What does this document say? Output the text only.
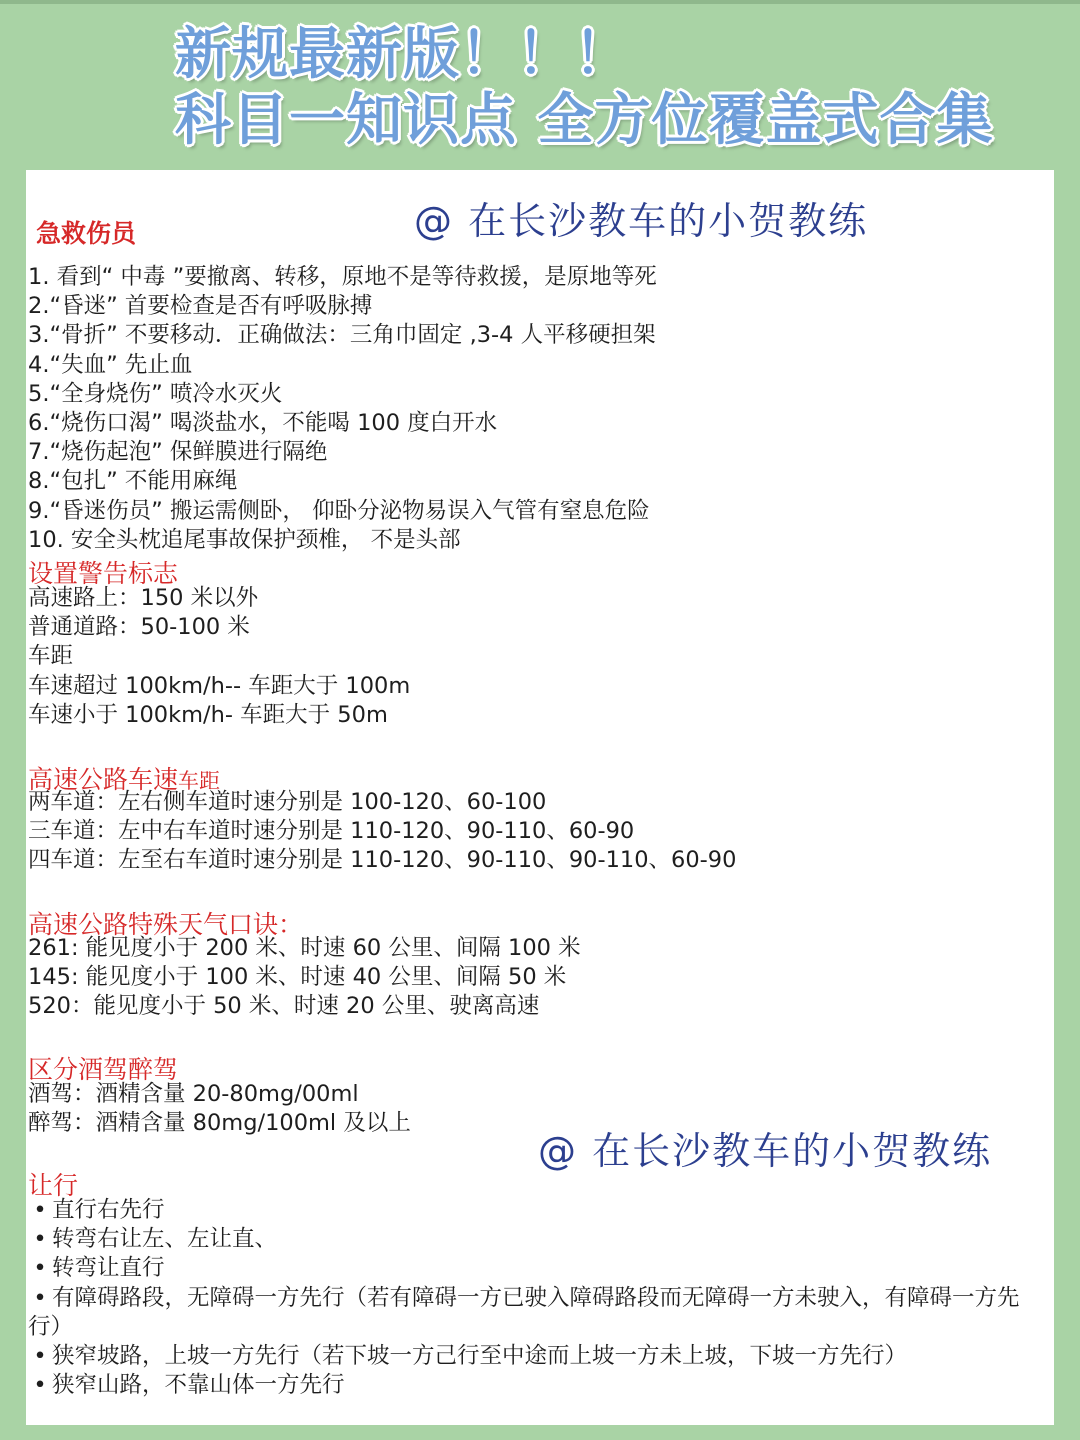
新规最新版！！！
科目一知识点 全方位覆盖式合集
@ 在长沙教车的小贺教练
急救伤员
1. 看到“ 中毒 ”要撤离、转移，原地不是等待救援，是原地等死
2.“昏迷” 首要检查是否有呼吸脉搏
3.“骨折” 不要移动．正确做法：三角巾固定 ,3-4 人平移硬担架
4.“失血” 先止血
5.“全身烧伤” 喷冷水灭火
6.“烧伤口渴” 喝淡盐水，不能喝 100 度白开水
7.“烧伤起泡” 保鲜膜进行隔绝
8.“包扎” 不能用麻绳
9.“昏迷伤员” 搬运需侧卧， 仰卧分泌物易误入气管有窒息危险
10. 安全头枕追尾事故保护颈椎， 不是头部
设置警告标志
高速路上：150 米以外
普通道路：50-100 米
车距
车速超过 100km/h-- 车距大于 100m
车速小于 100km/h- 车距大于 50m
高速公路车速车距
两车道：左右侧车道时速分别是 100-120、60-100
三车道：左中右车道时速分别是 110-120、90-110、60-90
四车道：左至右车道时速分别是 110-120、90-110、90-110、60-90
高速公路特殊天气口诀：
261: 能见度小于 200 米、时速 60 公里、间隔 100 米
145: 能见度小于 100 米、时速 40 公里、间隔 50 米
520：能见度小于 50 米、时速 20 公里、驶离高速
区分酒驾醉驾
酒驾：酒精含量 20-80mg/00ml
醉驾：酒精含量 80mg/100ml 及以上
@ 在长沙教车的小贺教练
让行
• 直行右先行
• 转弯右让左、左让直、
• 转弯让直行
• 有障碍路段，无障碍一方先行（若有障碍一方已驶入障碍路段而无障碍一方未驶入，有障碍一方先行）
• 狭窄坡路，上坡一方先行（若下坡一方己行至中途而上坡一方未上坡，下坡一方先行）
• 狭窄山路，不靠山体一方先行
